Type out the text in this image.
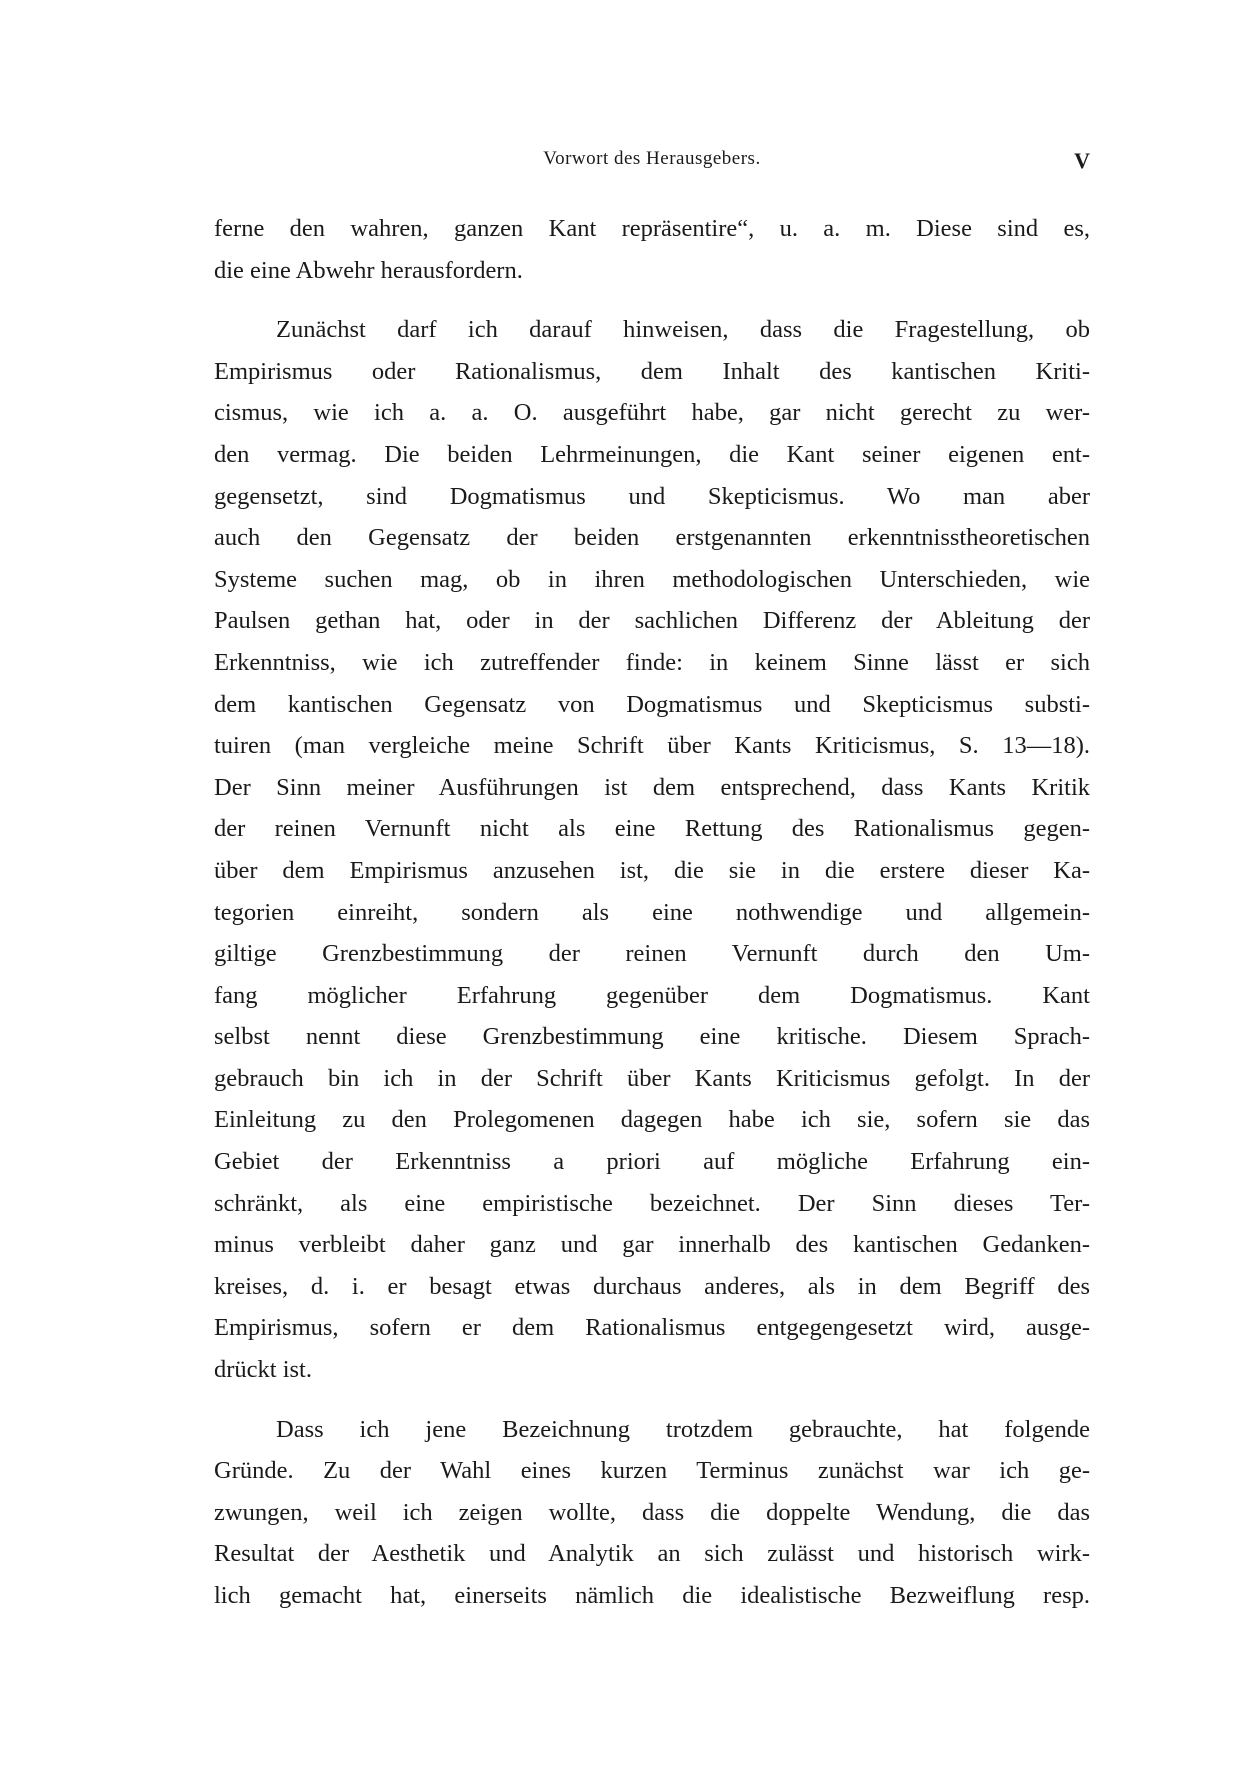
Vorwort des Herausgebers.	V
ferne den wahren, ganzen Kant repräsentire“, u. a. m. Diese sind es,
die eine Abwehr herausfordern.
Zunächst darf ich darauf hinweisen, dass die Fragestellung, ob
Empirismus oder Rationalismus, dem Inhalt des kantischen Kriti-
cismus, wie ich a. a. O. ausgeführt habe, gar nicht gerecht zu wer-
den vermag. Die beiden Lehrmeinungen, die Kant seiner eigenen ent-
gegensetzt, sind Dogmatismus und Skepticismus. Wo man aber
auch den Gegensatz der beiden erstgenannten erkenntnisstheoretischen
Systeme suchen mag, ob in ihren methodologischen Unterschieden, wie
Paulsen gethan hat, oder in der sachlichen Differenz der Ableitung der
Erkenntniss, wie ich zutreffender finde: in keinem Sinne lässt er sich
dem kantischen Gegensatz von Dogmatismus und Skepticismus substi-
tuiren (man vergleiche meine Schrift über Kants Kriticismus, S. 13—18).
Der Sinn meiner Ausführungen ist dem entsprechend, dass Kants Kritik
der reinen Vernunft nicht als eine Rettung des Rationalismus gegen-
über dem Empirismus anzusehen ist, die sie in die erstere dieser Ka-
tegorien einreiht, sondern als eine nothwendige und allgemein-
giltige Grenzbestimmung der reinen Vernunft durch den Um-
fang möglicher Erfahrung gegenüber dem Dogmatismus. Kant
selbst nennt diese Grenzbestimmung eine kritische. Diesem Sprach-
gebrauch bin ich in der Schrift über Kants Kriticismus gefolgt. In der
Einleitung zu den Prolegomenen dagegen habe ich sie, sofern sie das
Gebiet der Erkenntniss a priori auf mögliche Erfahrung ein-
schränkt, als eine empiristische bezeichnet. Der Sinn dieses Ter-
minus verbleibt daher ganz und gar innerhalb des kantischen Gedanken-
kreises, d. i. er besagt etwas durchaus anderes, als in dem Begriff des
Empirismus, sofern er dem Rationalismus entgegengesetzt wird, ausge-
drückt ist.
Dass ich jene Bezeichnung trotzdem gebrauchte, hat folgende
Gründe. Zu der Wahl eines kurzen Terminus zunächst war ich ge-
zwungen, weil ich zeigen wollte, dass die doppelte Wendung, die das
Resultat der Aesthetik und Analytik an sich zulässt und historisch wirk-
lich gemacht hat, einerseits nämlich die idealistische Bezweiflung resp.
